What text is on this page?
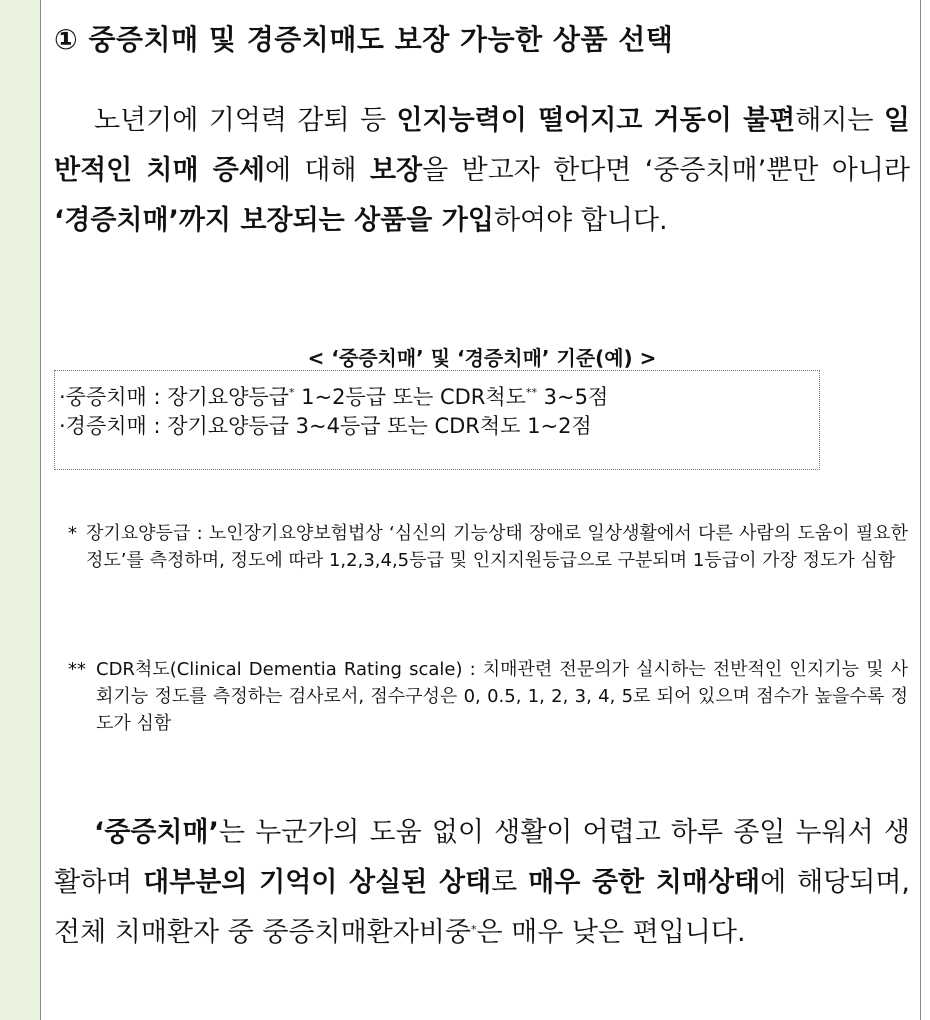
① 중증치매 및 경증치매도 보장 가능한 상품 선택
노년기에 기억력 감퇴 등 인지능력이 떨어지고 거동이 불편해지는 일반적인 치매 증세에 대해 보장을 받고자 한다면 ‘중증치매’뿐만 아니라 ‘경증치매’까지 보장되는 상품을 가입하여야 합니다.
< ‘중증치매’ 및 ‘경증치매’ 기준(예) >
·중증치매 : 장기요양등급* 1~2등급 또는 CDR척도** 3~5점
·경증치매 : 장기요양등급 3~4등급 또는 CDR척도 1~2점
* 장기요양등급 : 노인장기요양보험법상 ‘심신의 기능상태 장애로 일상생활에서 다른 사람의 도움이 필요한 정도’를 측정하며, 정도에 따라 1,2,3,4,5등급 및 인지지원등급으로 구분되며 1등급이 가장 정도가 심함
** CDR척도(Clinical Dementia Rating scale) : 치매관련 전문의가 실시하는 전반적인 인지기능 및 사회기능 정도를 측정하는 검사로서, 점수구성은 0, 0.5, 1, 2, 3, 4, 5로 되어 있으며 점수가 높을수록 정도가 심함
‘중증치매’는 누군가의 도움 없이 생활이 어렵고 하루 종일 누워서 생활하며 대부분의 기억이 상실된 상태로 매우 중한 치매상태에 해당되며, 전체 치매환자 중 중증치매환자비중*은 매우 낮은 편입니다.
